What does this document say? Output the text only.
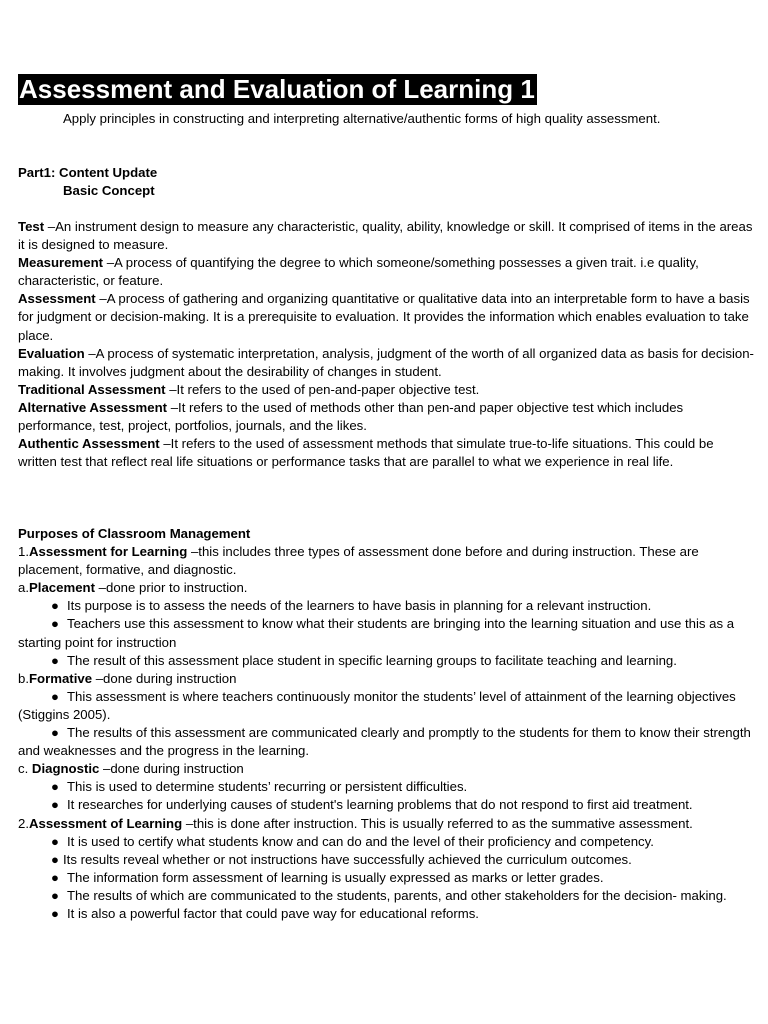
Assessment and Evaluation of Learning 1

Apply principles in constructing and interpreting alternative/authentic forms of high quality assessment.

Part1: Content Update
Basic Concept

Test –An instrument design to measure any characteristic, quality, ability, knowledge or skill. It comprised of items in the areas it is designed to measure.

Measurement –A process of quantifying the degree to which someone/something possesses a given trait. i.e quality, characteristic, or feature.

Assessment –A process of gathering and organizing quantitative or qualitative data into an interpretable form to have a basis for judgment or decision-making. It is a prerequisite to evaluation. It provides the information which enables evaluation to take place.

Evaluation –A process of systematic interpretation, analysis, judgment of the worth of all organized data as basis for decision-making. It involves judgment about the desirability of changes in student.

Traditional Assessment –It refers to the used of pen-and-paper objective test.

Alternative Assessment –It refers to the used of methods other than pen-and paper objective test which includes performance, test, project, portfolios, journals, and the likes.

Authentic Assessment –It refers to the used of assessment methods that simulate true-to-life situations. This could be written test that reflect real life situations or performance tasks that are parallel to what we experience in real life.

Purposes of Classroom Management

1.Assessment for Learning –this includes three types of assessment done before and during instruction. These are placement, formative, and diagnostic.

a.Placement –done prior to instruction.

● Its purpose is to assess the needs of the learners to have basis in planning for a relevant instruction.

● Teachers use this assessment to know what their students are bringing into the learning situation and use this as a starting point for instruction

● The result of this assessment place student in specific learning groups to facilitate teaching and learning.

b.Formative –done during instruction

● This assessment is where teachers continuously monitor the students’ level of attainment of the learning objectives (Stiggins 2005).

● The results of this assessment are communicated clearly and promptly to the students for them to know their strength and weaknesses and the progress in the learning.

c. Diagnostic –done during instruction

● This is used to determine students’ recurring or persistent difficulties.

● It researches for underlying causes of student's learning problems that do not respond to first aid treatment.

2.Assessment of Learning –this is done after instruction. This is usually referred to as the summative assessment.

● It is used to certify what students know and can do and the level of their proficiency and competency.

● Its results reveal whether or not instructions have successfully achieved the curriculum outcomes.

● The information form assessment of learning is usually expressed as marks or letter grades.

● The results of which are communicated to the students, parents, and other stakeholders for the decision- making.

● It is also a powerful factor that could pave way for educational reforms.
